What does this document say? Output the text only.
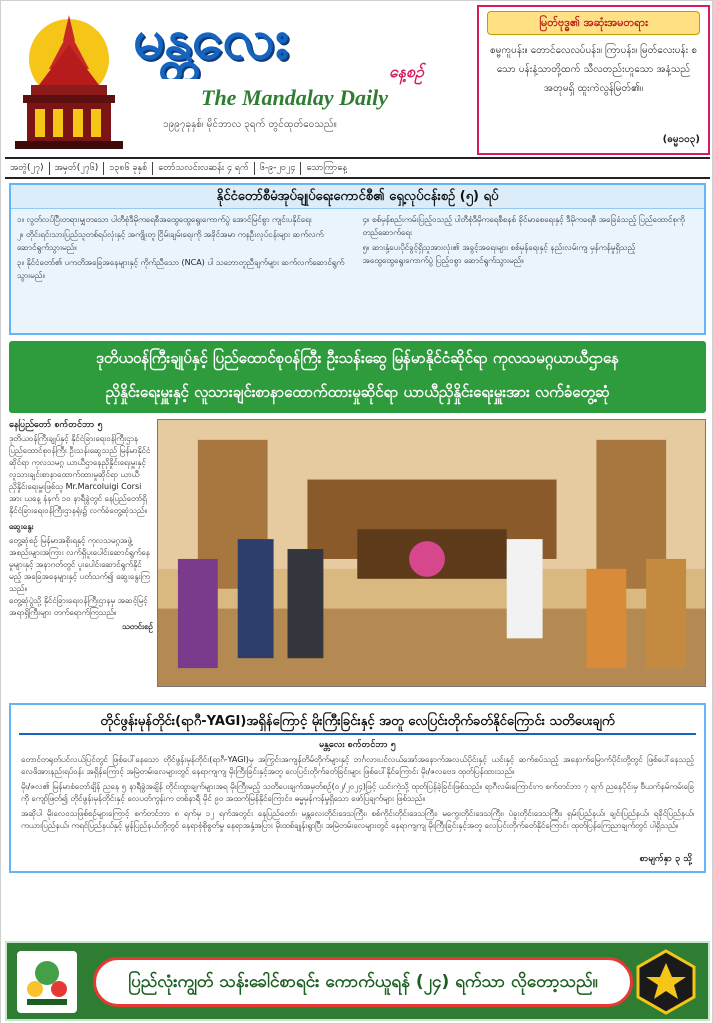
မန္တလေး	နေ့စဉ်
The Mandalay Daily
၁၉၉၇ခုနှစ်၊ မိုင်ဘာလ ၃ရက် တွင်ထုတ်ဝေသည်။
မြတ်ဗုဒ္ဓ၏ အဆုံးအမတရား
စမ္ဗကူပန်း။ တောင်လေလပ်ပန်း။ ကြာပန်း။ မြတ်လေးပန်း စသော ပန်းနံ့သာတို့ထက် သီလတည်းဟူသော အနံ့သည် အတုမရှိ ထူးကဲလွန်မြတ်၏။
(ဓမ္မ၁၀၃)
အတွဲ(၂၇)	အမှတ်(၂၇၆)	၁၃၈၆ ခုနှစ်	တော်သလင်းလဆန်း ၄ ရက်	၆-၉-၂၀၂၄	သောကြာနေ့
နိုင်ငံတော်စီမံအုပ်ချုပ်ရေးကောင်စီ၏ ရှေ့လုပ်ငန်းစဉ် (၅) ရပ်
၁။ လွတ်လပ်ပြီးတရားမျှတသော ပါတီစုံဒီမိုကရေစီအထွေထွေရွေးကောက်ပွဲ အောင်မြင်စွာ ကျင်းပနိုင်ရေး
၂။ တိုင်းရင်းသားပြည်သူတစ်ရပ်လုံးနှင့် အကျိုးတူ ငြိမ်းချမ်းရေးကို အခိုင်အမာ ကနဦးလုပ်ငန်းများ ဆက်လက်ဆောင်ရွက်သွားမည်။
၃။ နိုင်ငံတော်၏ ပကတိအခြေအနေများနှင့် ကိုက်ညီသော (NCA) ပါ သဘောတူညီချက်များ ဆက်လက်ဆောင်ရွက်သွားမည်။
၄။ စစ်မှန်စည်းကမ်းပြည့်ဝသည့် ပါတီစုံဒီမိုကရေစီစနစ် ခိုင်မာစေရေးနှင့် ဒီမိုကရေစီ အခြေခံသည့် ပြည်ထောင်စုကို တည်ဆောက်ရေး
၅။ ဆားနှံ့ပေးပိုင်ခွင့်ရှိသူအားလုံး၏ အခွင့်အရေးများ စစ်မှန်ရေးနှင့် နည်းလမ်းကျ မှန်ကန်မှုရှိသည့် အထွေထွေရွေးကောက်ပွဲ ပြည့်ဝစွာ ဆောင်ရွက်သွားမည်။
ဒုတိယဝန်ကြီးချုပ်နှင့် ပြည်ထောင်စုဝန်ကြီး ဦးသန်းဆွေ မြန်မာနိုင်ငံဆိုင်ရာ ကုလသမဂ္ဂယာယီဌာနေ
ညှိနှိုင်းရေးမှူးနှင့် လူသားချင်းစာနာထောက်ထားမှုဆိုင်ရာ ယာယီညှိနှိုင်းရေးမှူးအား လက်ခံတွေ့ဆုံ
နေပြည်တော် စက်တင်ဘာ ၅
ဒုတိယဝန်ကြီးချုပ်နှင့် နိုင်ငံခြားရေးဝန်ကြီးဌာန ပြည်ထောင်စုဝန်ကြီး ဦးသန်းဆွေသည် မြန်မာနိုင်ငံဆိုင်ရာ ကုလသမဂ္ဂ ယာယီဌာနေညှိနှိုင်းရေးမှူးနှင့် လူသားချင်းစာနာထောက်ထားမှုဆိုင်ရာ ယာယီညှိနှိုင်းရေးမှူးဖြစ်သူ Mr.Marcoluigi Corsi အား ယနေ့ နံနက် ၁၀ နာရီခွဲတွင် နေပြည်တော်ရှိ နိုင်ငံခြားရေးဝန်ကြီးဌာနရုံး၌ လက်ခံတွေ့ဆုံသည်။
ဆွေးနွေး
တွေ့ဆုံစဉ် မြန်မာအစိုးရနှင့် ကုလသမဂ္ဂအဖွဲ့အစည်းများအကြား လက်ရှိပူးပေါင်းဆောင်ရွက်နေမှုများနှင့် အနာဂတ်တွင် ပူးပေါင်းဆောင်ရွက်နိုင်မည့် အခြေအနေများနှင့် ပတ်သက်၍ ဆွေးနွေးကြသည်။
တွေ့ဆုံပွဲသို့ နိုင်ငံခြားရေးဝန်ကြီးဌာနမှ အဆင့်မြင့်အရာရှိကြီးများ တက်ရောက်ကြသည်။
သတင်းစဉ်
တိုင်ဖွန်းမုန်တိုင်း(ရာဂီ-YAGI)အရှိန်ကြောင့် မိုးကြီးခြင်းနှင့် အတူ လေပြင်းတိုက်ခတ်နိုင်ကြောင်း သတိပေးချက်
မန္တလေး စက်တင်ဘာ ၅

တောင်တရုတ်ပင်လယ်ပြင်တွင် ဖြစ်ပေါ်နေသော တိုင်ဖွန်းမုန်တိုင်း(ရာဂီ-YAGI)မှ အကြွင်းအကျန်တိမ်တိုက်များနှင့် ဘင်္ဂလားပင်လယ်အော်အနောက်အလယ်ပိုင်းနှင့် ယင်းနှင့် ဆက်စပ်သည့် အနောက်မြောက်ပိုင်းတို့တွင် ဖြစ်ပေါ်နေသည့် လေဖိအားနည်းရပ်ဝန်း အရှိန်ကြောင့် အမြဲတမ်းလေများတွင် နေရာကျကျ မိုးကြီးခြင်းနှင့်အတူ လေပြင်းတိုက်ခတ်ခြင်းများ ဖြစ်ပေါ်နိုင်ကြောင်း မိုး/ဇလဗေဒ ထုတ်ပြန်ထားသည်။

မိုး/ဇလ၏ မြန်မာစံတော်ချိန် ညနေ ၅ နာရီခွဲအချိန် တိုင်းထွာချက်များအရ မိုးကြီးမည့် သတိပေးချက်အမှတ်စဉ်(၀၂/၂၀၂၄)ဖြင့် ယင်းကဲ့သို့ ထုတ်ပြန်ခဲ့ခြင်းဖြစ်သည်။ ရာဂီလမ်းကြောင်းက စက်တင်ဘာ ၇ ရက် ညနေပိုင်းမှ ဗီယက်နမ်ကမ်းခြေကို ကျော်ဖြတ်၍ တိုင်ဖွန်းမုန်တိုင်းနှင့် လေပတ်ကွန်းက တစ်နာရီ မိုင် ၉၀ အထက်မြန်နိုင်ကြောင်း၊ ဓမ္မမှန်ကန်မှုရှိသော ဖော်ပြချက်များ ဖြစ်သည်။

အဆိုပါ မိုးလေဝသဖြစ်စဉ်များကြောင့် စက်တင်ဘာ ၈ ရက်မှ ၁၂ ရက်အတွင်း နေပြည်တော်၊ မန္တလေးတိုင်းဒေသကြီး၊ စစ်ကိုင်းတိုင်းဒေသကြီး၊ မကွေးတိုင်းဒေသကြီး၊ ပဲခူးတိုင်းဒေသကြီး၊ ရှမ်းပြည်နယ်၊ ချင်းပြည်နယ်၊ ရခိုင်ပြည်နယ်၊ ကယားပြည်နယ်၊ ကရင်ပြည်နယ်နှင့် မွန်ပြည်နယ်တို့တွင် နေရာစုံစိုစွတ်မှု နေရာအနှံ့အပြား မိုးထစ်ချုန်းရွာပြီး အမြဲတမ်းလေများတွင် နေရာကျကျ မိုးကြီးခြင်းနှင့်အတူ လေပြင်းတိုက်ခတ်နိုင်ကြောင်း ထုတ်ပြန်ကြေညာချက်တွင် ပါရှိသည်။

စာမျက်နှာ ၃ သို့
ပြည်လုံးကျွတ် သန်းခေါင်စာရင်း ကောက်ယူရန် (၂၄) ရက်သာ လိုတော့သည်။
